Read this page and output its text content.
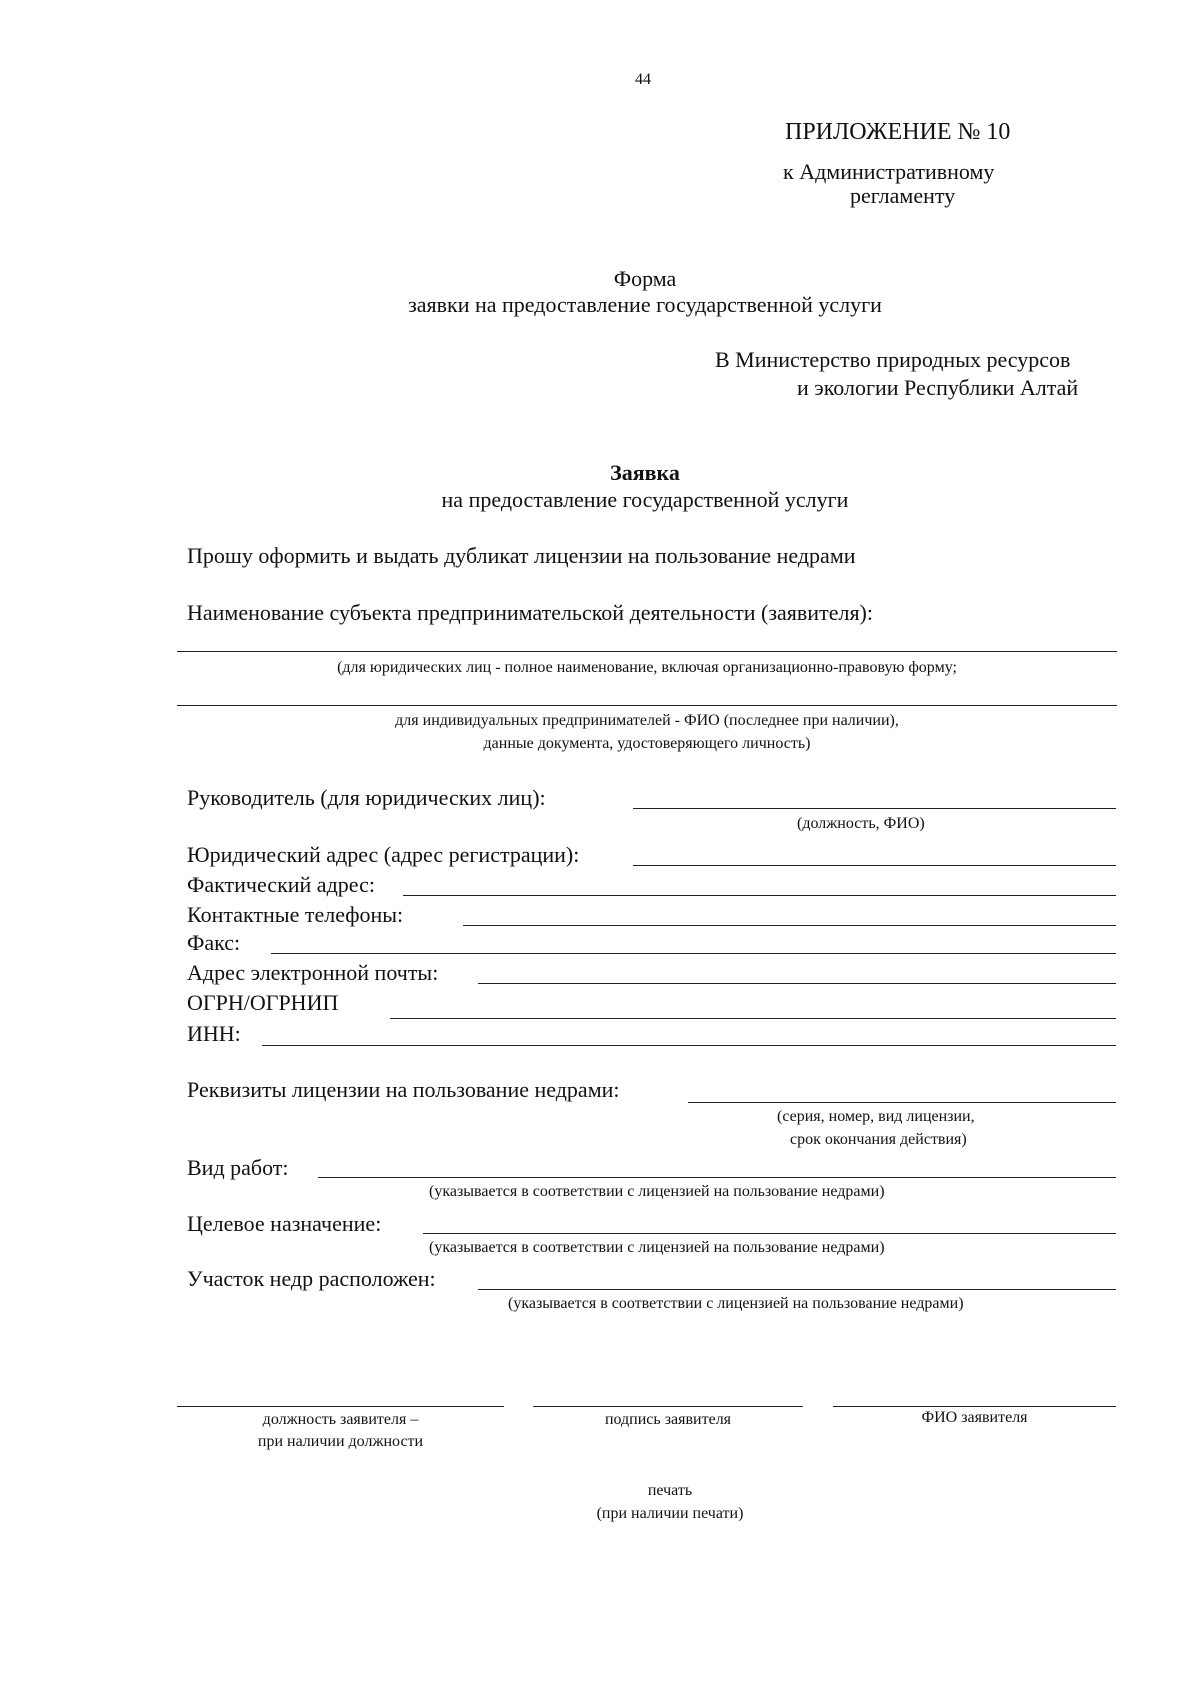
44
ПРИЛОЖЕНИЕ № 10
к Административному
регламенту
Форма
заявки на предоставление государственной услуги
В Министерство природных ресурсов
и экологии Республики Алтай
Заявка
на предоставление государственной услуги
Прошу оформить и выдать дубликат лицензии на пользование недрами
Наименование субъекта предпринимательской деятельности (заявителя):
(для юридических лиц - полное наименование, включая организационно-правовую форму;
для индивидуальных предпринимателей - ФИО (последнее при наличии),
данные документа, удостоверяющего личность)
Руководитель (для юридических лиц):
(должность, ФИО)
Юридический адрес (адрес регистрации):
Фактический адрес:
Контактные телефоны:
Факс:
Адрес электронной почты:
ОГРН/ОГРНИП
ИНН:
Реквизиты лицензии на пользование недрами:
(серия, номер, вид лицензии,
срок окончания действия)
Вид работ:
(указывается в соответствии с лицензией на пользование недрами)
Целевое назначение:
(указывается в соответствии с лицензией на пользование недрами)
Участок недр расположен:
(указывается в соответствии с лицензией на пользование недрами)
должность заявителя –
при наличии должности
подпись заявителя	ФИО заявителя
печать
(при наличии печати)
